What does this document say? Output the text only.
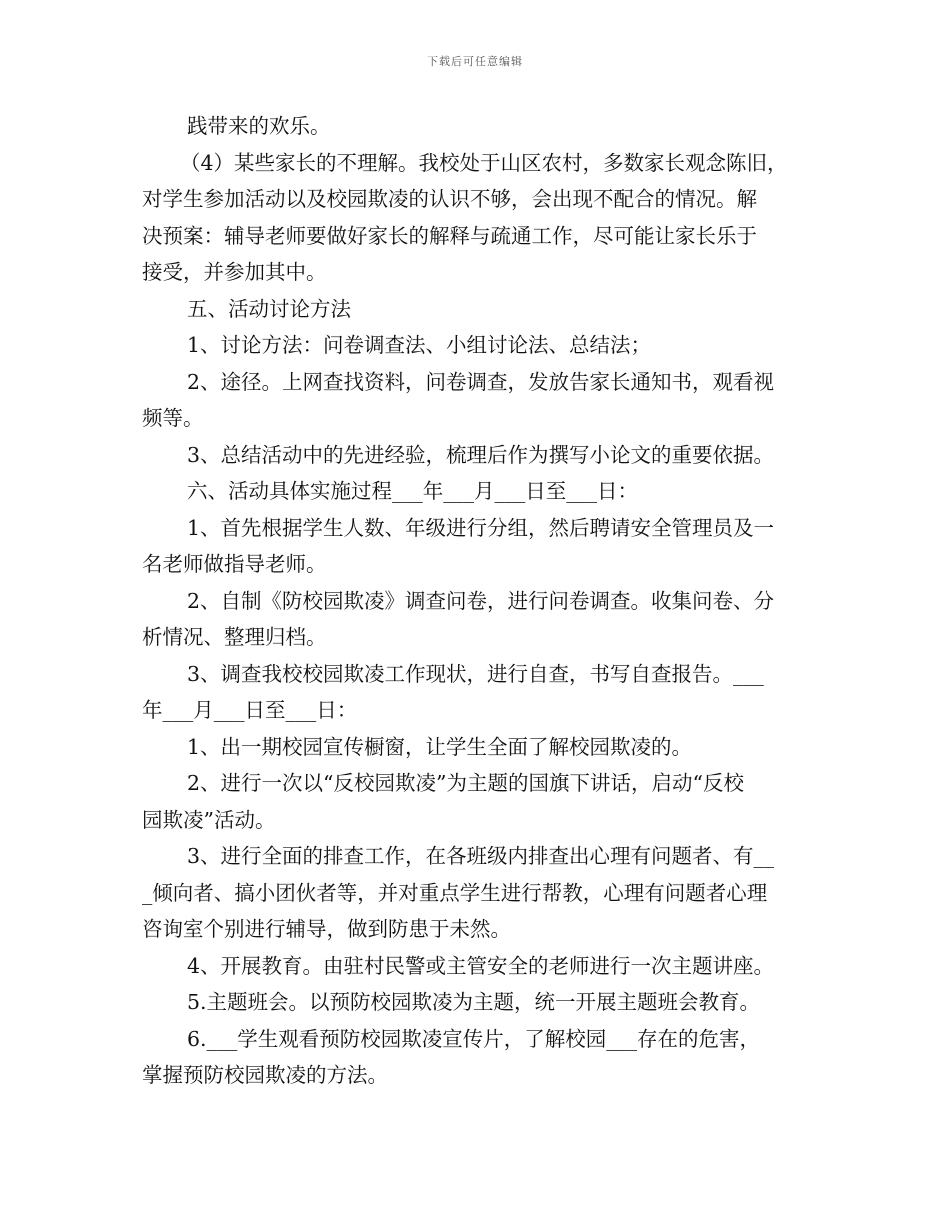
下载后可任意编辑
践带来的欢乐。
（4）某些家长的不理解。我校处于山区农村，多数家长观念陈旧，
对学生参加活动以及校园欺凌的认识不够，会出现不配合的情况。解
决预案：辅导老师要做好家长的解释与疏通工作，尽可能让家长乐于
接受，并参加其中。
五、活动讨论方法
1、讨论方法：问卷调查法、小组讨论法、总结法；
2、途径。上网查找资料，问卷调查，发放告家长通知书，观看视
频等。
3、总结活动中的先进经验，梳理后作为撰写小论文的重要依据。
六、活动具体实施过程___年___月___日至___日：
1、首先根据学生人数、年级进行分组，然后聘请安全管理员及一
名老师做指导老师。
2、自制《防校园欺凌》调查问卷，进行问卷调查。收集问卷、分
析情况、整理归档。
3、调查我校校园欺凌工作现状，进行自查，书写自查报告。___
年___月___日至___日：
1、出一期校园宣传橱窗，让学生全面了解校园欺凌的。
2、进行一次以“反校园欺凌”为主题的国旗下讲话，启动“反校
园欺凌”活动。
3、进行全面的排查工作，在各班级内排查出心理有问题者、有__
_倾向者、搞小团伙者等，并对重点学生进行帮教，心理有问题者心理
咨询室个别进行辅导，做到防患于未然。
4、开展教育。由驻村民警或主管安全的老师进行一次主题讲座。
5.主题班会。以预防校园欺凌为主题，统一开展主题班会教育。
6.___学生观看预防校园欺凌宣传片，了解校园___存在的危害，
掌握预防校园欺凌的方法。
